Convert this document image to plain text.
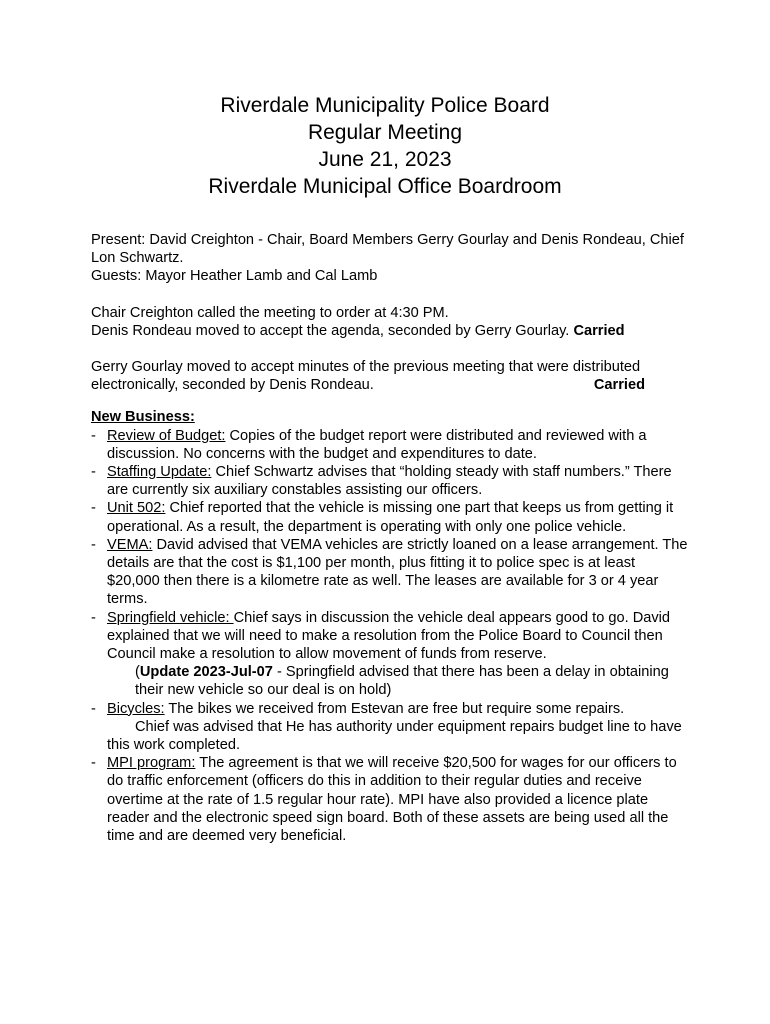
Riverdale Municipality Police Board
Regular Meeting
June 21, 2023
Riverdale Municipal Office Boardroom

Present: David Creighton - Chair, Board Members Gerry Gourlay and Denis Rondeau, Chief Lon Schwartz.

Guests: Mayor Heather Lamb and Cal Lamb

Chair Creighton called the meeting to order at 4:30 PM.

Denis Rondeau moved to accept the agenda, seconded by Gerry Gourlay. Carried

Gerry Gourlay moved to accept minutes of the previous meeting that were distributed electronically, seconded by Denis Rondeau.	Carried

New Business:
- Review of Budget: Copies of the budget report were distributed and reviewed with a discussion. No concerns with the budget and expenditures to date.
- Staffing Update: Chief Schwartz advises that “holding steady with staff numbers.” There are currently six auxiliary constables assisting our officers.
- Unit 502: Chief reported that the vehicle is missing one part that keeps us from getting it operational. As a result, the department is operating with only one police vehicle.
- VEMA: David advised that VEMA vehicles are strictly loaned on a lease arrangement. The details are that the cost is $1,100 per month, plus fitting it to police spec is at least $20,000 then there is a kilometre rate as well. The leases are available for 3 or 4 year terms.
- Springfield vehicle: Chief says in discussion the vehicle deal appears good to go. David explained that we will need to make a resolution from the Police Board to Council then Council make a resolution to allow movement of funds from reserve.
(Update 2023-Jul-07 - Springfield advised that there has been a delay in obtaining their new vehicle so our deal is on hold)
- Bicycles: The bikes we received from Estevan are free but require some repairs.
Chief was advised that He has authority under equipment repairs budget line to have this work completed.
- MPI program: The agreement is that we will receive $20,500 for wages for our officers to do traffic enforcement (officers do this in addition to their regular duties and receive overtime at the rate of 1.5 regular hour rate). MPI have also provided a licence plate reader and the electronic speed sign board. Both of these assets are being used all the time and are deemed very beneficial.
